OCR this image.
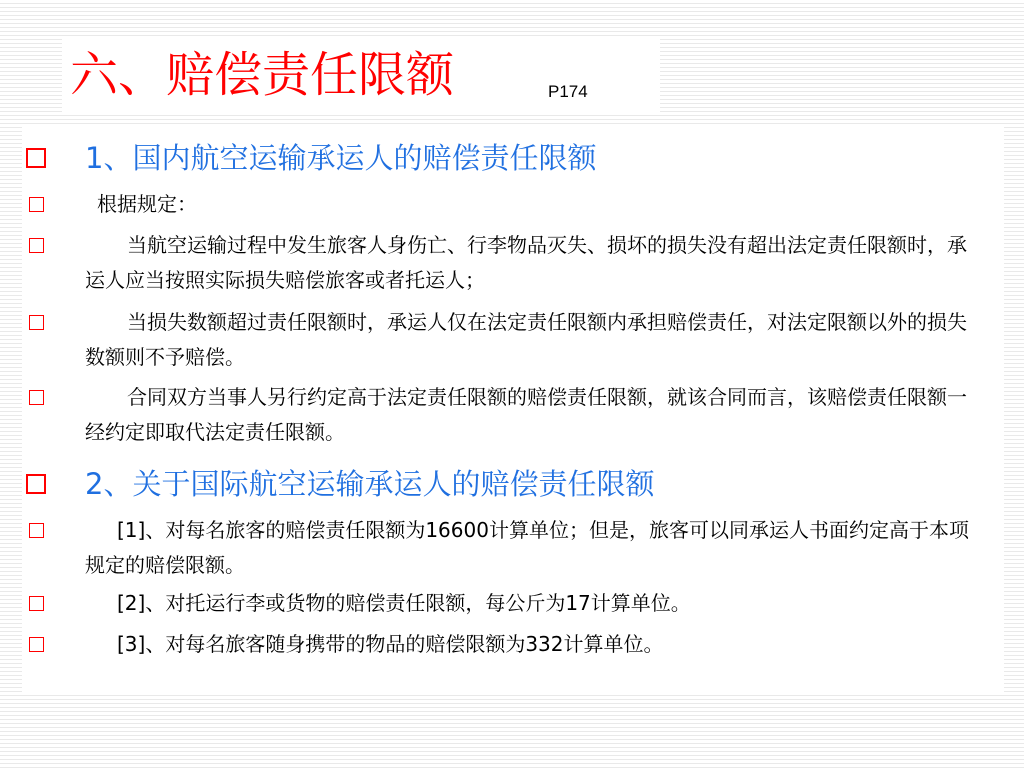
六、赔偿责任限额	P174
1、国内航空运输承运人的赔偿责任限额
根据规定：
当航空运输过程中发生旅客人身伤亡、行李物品灭失、损坏的损失没有超出法定责任限额时，承运人应当按照实际损失赔偿旅客或者托运人；
当损失数额超过责任限额时，承运人仅在法定责任限额内承担赔偿责任，对法定限额以外的损失数额则不予赔偿。
合同双方当事人另行约定高于法定责任限额的赔偿责任限额，就该合同而言，该赔偿责任限额一经约定即取代法定责任限额。
2、关于国际航空运输承运人的赔偿责任限额
[1]、对每名旅客的赔偿责任限额为16600计算单位；但是，旅客可以同承运人书面约定高于本项规定的赔偿限额。
[2]、对托运行李或货物的赔偿责任限额，每公斤为17计算单位。
[3]、对每名旅客随身携带的物品的赔偿限额为332计算单位。
